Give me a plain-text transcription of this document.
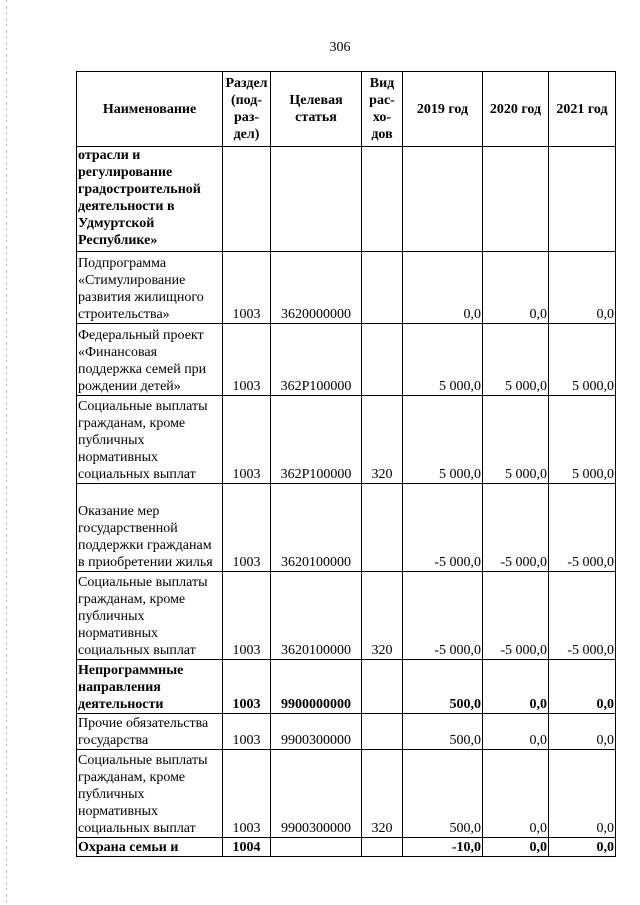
306
Наименование	Раздел (под-раз-дел)	Целевая статья	Вид рас-хо-дов	2019 год	2020 год	2021 год
отрасли и регулирование градостроительной деятельности в Удмуртской Республике»						
Подпрограмма «Стимулирование развития жилищного строительства»	1003	3620000000		0,0	0,0	0,0
Федеральный проект «Финансовая поддержка семей при рождении детей»	1003	362P100000		5 000,0	5 000,0	5 000,0
Социальные выплаты гражданам, кроме публичных нормативных социальных выплат	1003	362P100000	320	5 000,0	5 000,0	5 000,0
Оказание мер государственной поддержки гражданам в приобретении жилья	1003	3620100000		-5 000,0	-5 000,0	-5 000,0
Социальные выплаты гражданам, кроме публичных нормативных социальных выплат	1003	3620100000	320	-5 000,0	-5 000,0	-5 000,0
Непрограммные направления деятельности	1003	9900000000		500,0	0,0	0,0
Прочие обязательства государства	1003	9900300000		500,0	0,0	0,0
Социальные выплаты гражданам, кроме публичных нормативных социальных выплат	1003	9900300000	320	500,0	0,0	0,0
Охрана семьи и	1004			-10,0	0,0	0,0
